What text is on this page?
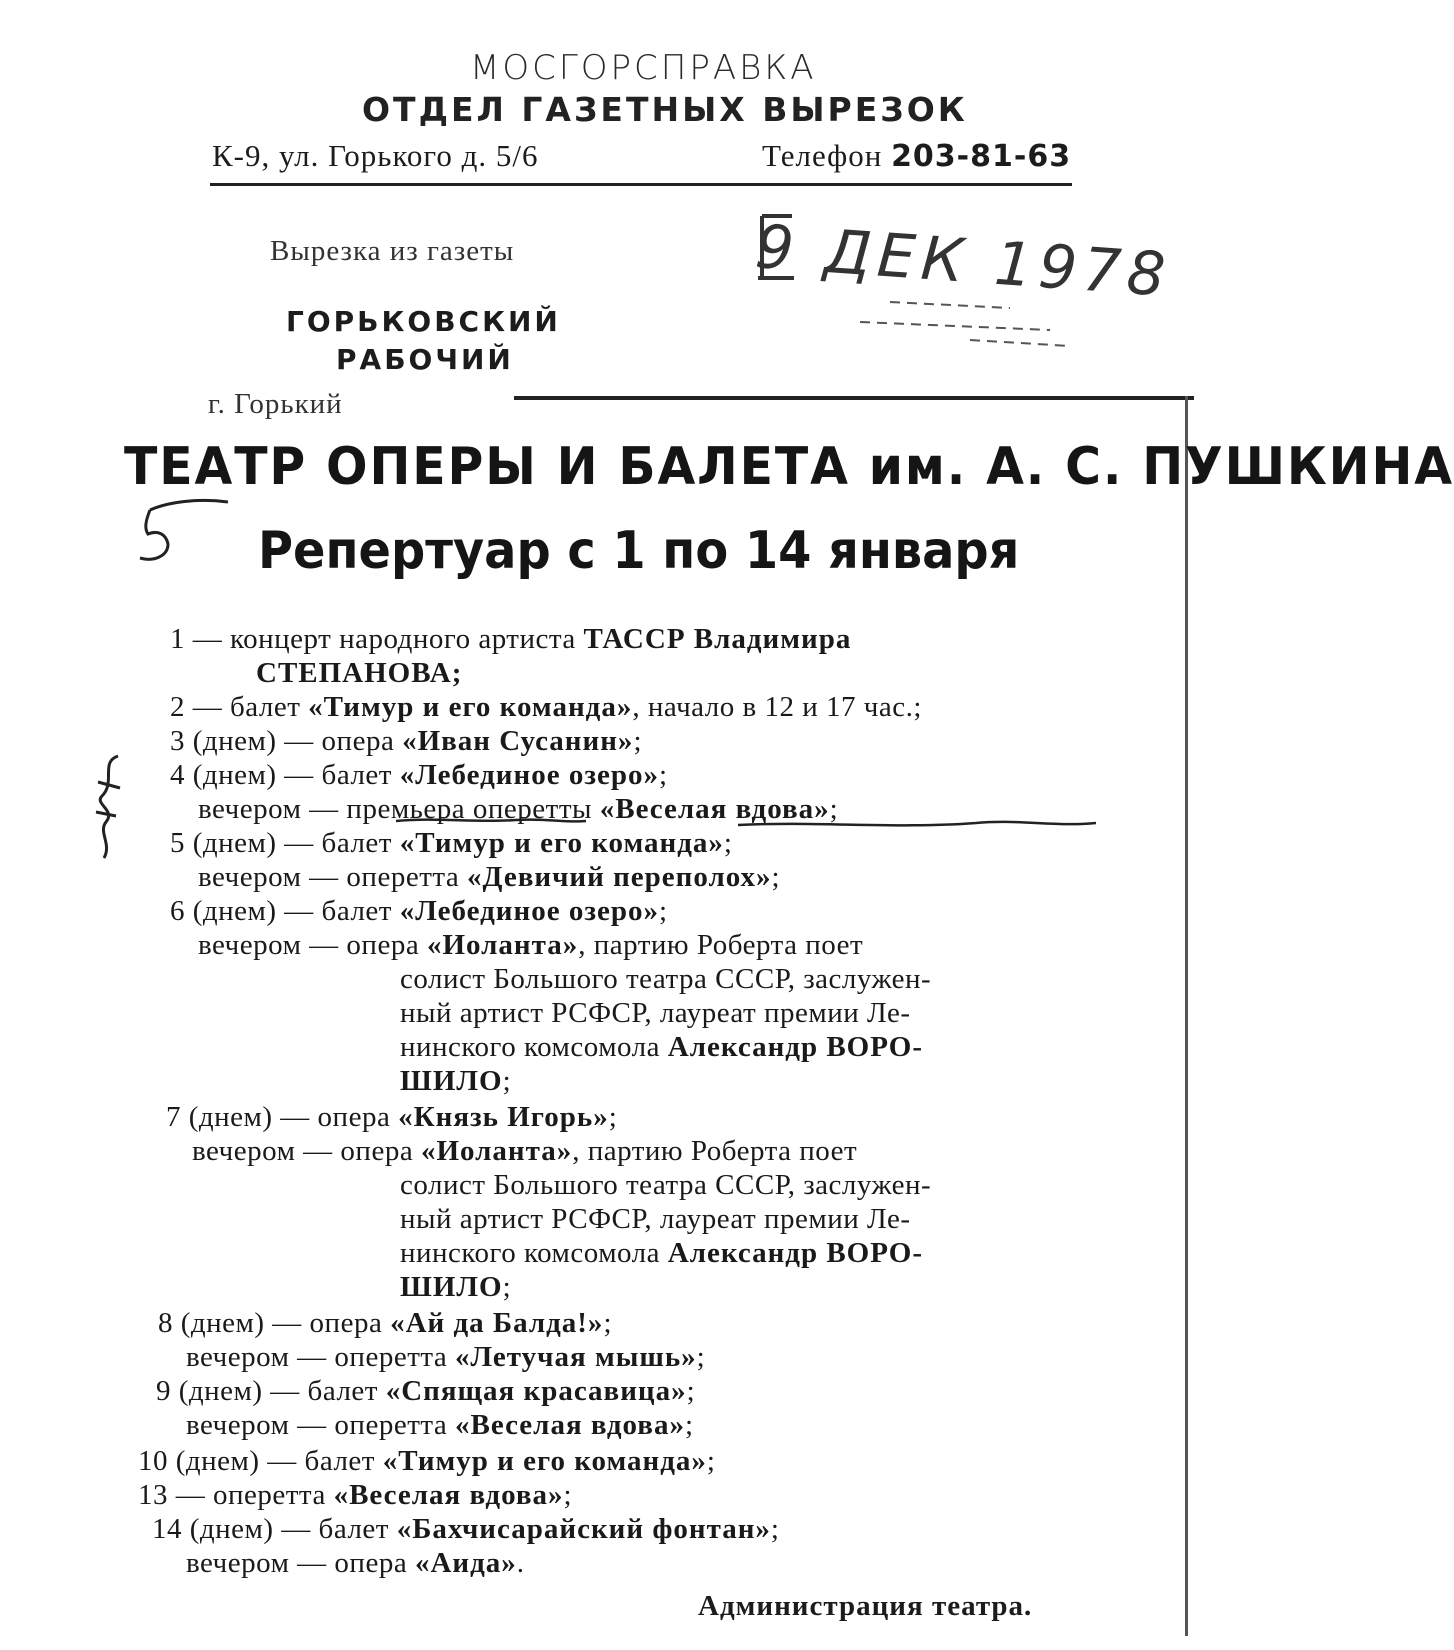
МОСГОРСПРАВКА
ОТДЕЛ ГАЗЕТНЫХ ВЫРЕЗОК
К-9, ул. Горького д. 5/6	Телефон 203-81-63
Вырезка из газеты
ГОРЬКОВСКИЙ
РАБОЧИЙ
г. Горький
9 ДЕК 1978
ТЕАТР ОПЕРЫ И БАЛЕТА им. А. С. ПУШКИНА
Репертуар с 1 по 14 января
1 — концерт народного артиста ТАССР Владимира
СТЕПАНОВА;
2 — балет «Тимур и его команда», начало в 12 и 17 час.;
3 (днем) — опера «Иван Сусанин»;
4 (днем) — балет «Лебединое озеро»;
вечером — премьера оперетты «Веселая вдова»;
5 (днем) — балет «Тимур и его команда»;
вечером — оперетта «Девичий переполох»;
6 (днем) — балет «Лебединое озеро»;
вечером — опера «Иоланта», партию Роберта поет
солист Большого театра СССР, заслужен-
ный артист РСФСР, лауреат премии Ле-
нинского комсомола Александр ВОРО-
ШИЛО;
7 (днем) — опера «Князь Игорь»;
вечером — опера «Иоланта», партию Роберта поет
солист Большого театра СССР, заслужен-
ный артист РСФСР, лауреат премии Ле-
нинского комсомола Александр ВОРО-
ШИЛО;
8 (днем) — опера «Ай да Балда!»;
вечером — оперетта «Летучая мышь»;
9 (днем) — балет «Спящая красавица»;
вечером — оперетта «Веселая вдова»;
10 (днем) — балет «Тимур и его команда»;
13 — оперетта «Веселая вдова»;
14 (днем) — балет «Бахчисарайский фонтан»;
вечером — опера «Аида».
Администрация театра.
